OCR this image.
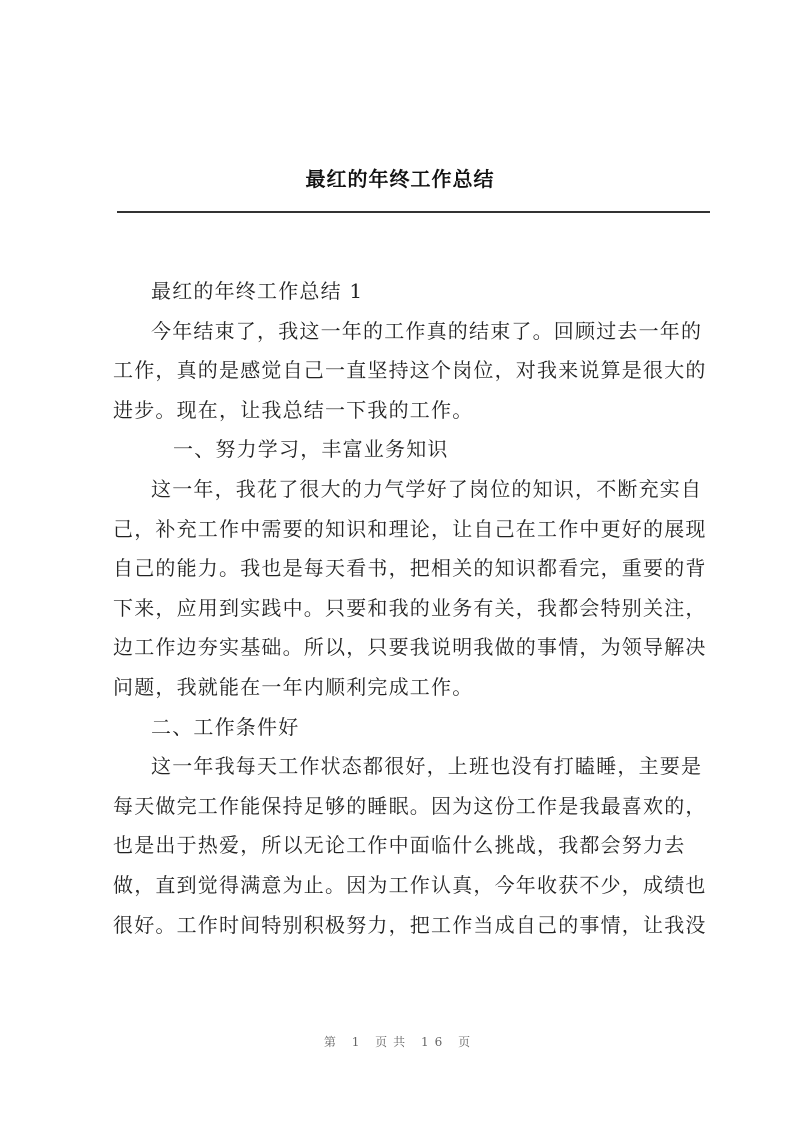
最红的年终工作总结
最红的年终工作总结 1
今年结束了，我这一年的工作真的结束了。回顾过去一年的
工作，真的是感觉自己一直坚持这个岗位，对我来说算是很大的
进步。现在，让我总结一下我的工作。
一、努力学习，丰富业务知识
这一年，我花了很大的力气学好了岗位的知识，不断充实自
己，补充工作中需要的知识和理论，让自己在工作中更好的展现
自己的能力。我也是每天看书，把相关的知识都看完，重要的背
下来，应用到实践中。只要和我的业务有关，我都会特别关注，
边工作边夯实基础。所以，只要我说明我做的事情，为领导解决
问题，我就能在一年内顺利完成工作。
二、工作条件好
这一年我每天工作状态都很好，上班也没有打瞌睡，主要是
每天做完工作能保持足够的睡眠。因为这份工作是我最喜欢的，
也是出于热爱，所以无论工作中面临什么挑战，我都会努力去
做，直到觉得满意为止。因为工作认真，今年收获不少，成绩也
很好。工作时间特别积极努力，把工作当成自己的事情，让我没
第 1 页共 16 页
